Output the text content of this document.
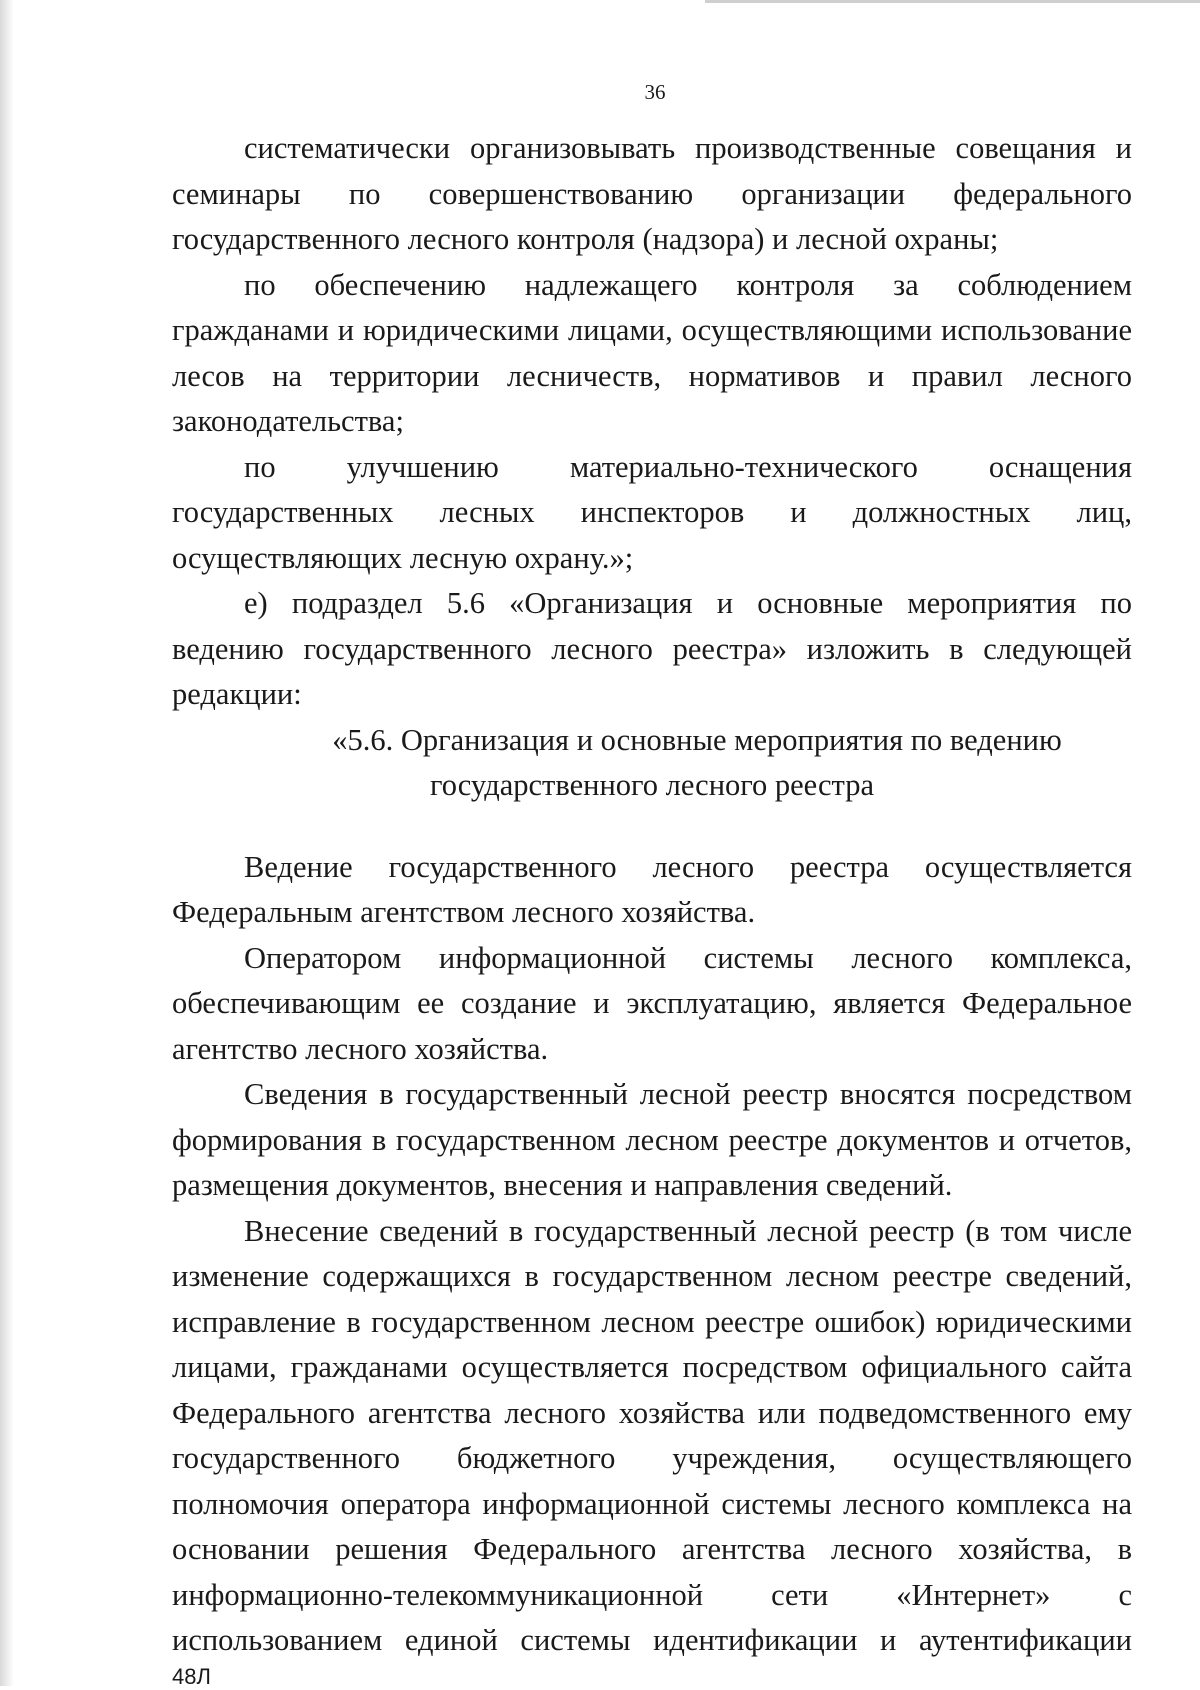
36

систематически организовывать производственные совещания и семинары по совершенствованию организации федерального государственного лесного контроля (надзора) и лесной охраны;

по обеспечению надлежащего контроля за соблюдением гражданами и юридическими лицами, осуществляющими использование лесов на территории лесничеств, нормативов и правил лесного законодательства;

по улучшению материально-технического оснащения государственных лесных инспекторов и должностных лиц, осуществляющих лесную охрану.»;

е) подраздел 5.6 «Организация и основные мероприятия по ведению государственного лесного реестра» изложить в следующей редакции:

«5.6. Организация и основные мероприятия по ведению

государственного лесного реестра

Ведение государственного лесного реестра осуществляется Федеральным агентством лесного хозяйства.

Оператором информационной системы лесного комплекса, обеспечивающим ее создание и эксплуатацию, является Федеральное агентство лесного хозяйства.

Сведения в государственный лесной реестр вносятся посредством формирования в государственном лесном реестре документов и отчетов, размещения документов, внесения и направления сведений.

Внесение сведений в государственный лесной реестр (в том числе изменение содержащихся в государственном лесном реестре сведений, исправление в государственном лесном реестре ошибок) юридическими лицами, гражданами осуществляется посредством официального сайта Федерального агентства лесного хозяйства или подведомственного ему государственного бюджетного учреждения, осуществляющего полномочия оператора информационной системы лесного комплекса на основании решения Федерального агентства лесного хозяйства, в информационно-телекоммуникационной сети «Интернет» с использованием единой системы идентификации и аутентификации

48Л
